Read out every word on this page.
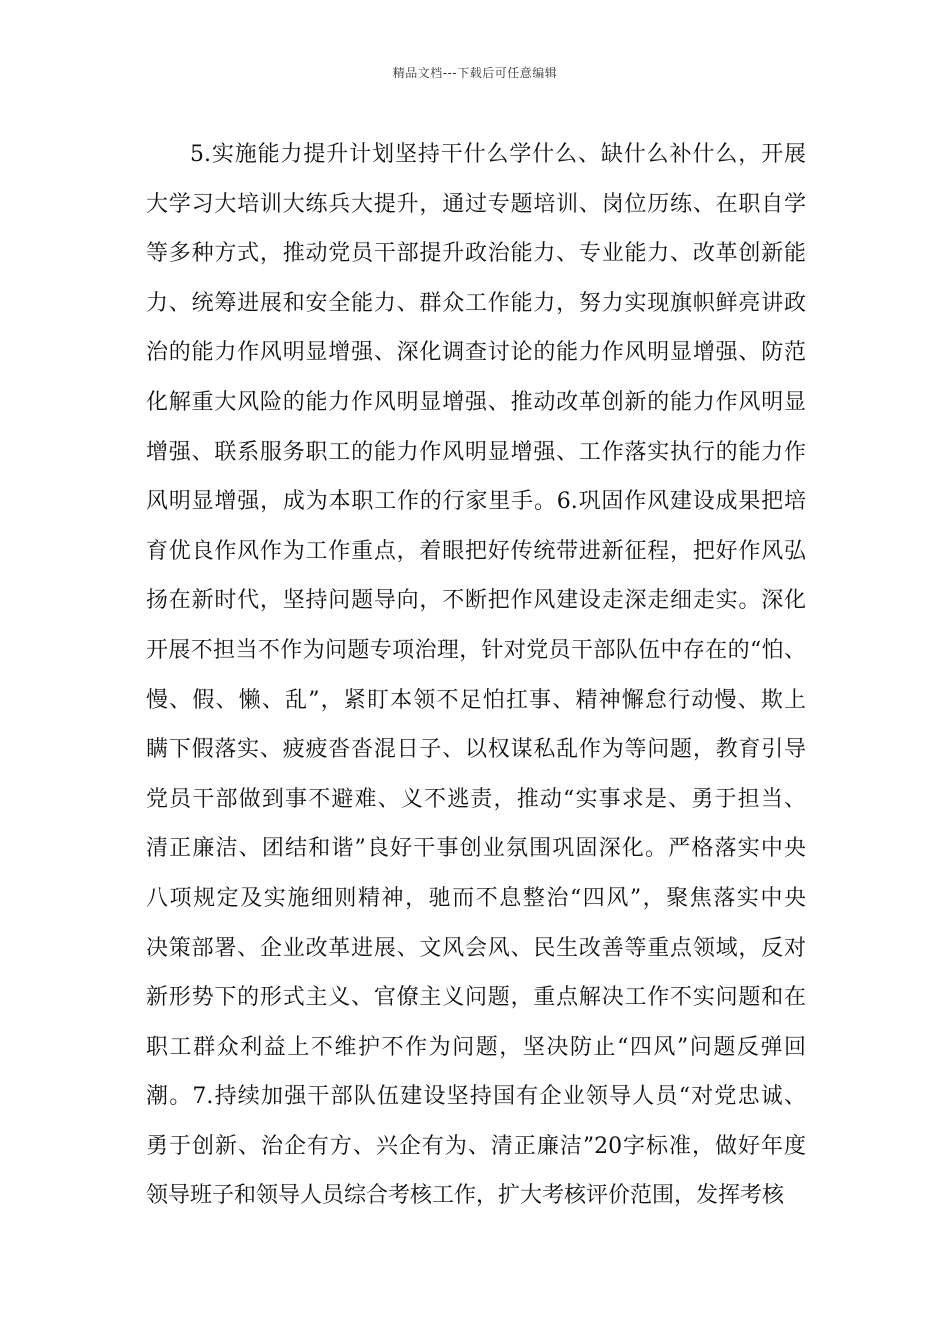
精品文档---下载后可任意编辑
5.实施能力提升计划坚持干什么学什么、缺什么补什么，开展
大学习大培训大练兵大提升，通过专题培训、岗位历练、在职自学
等多种方式，推动党员干部提升政治能力、专业能力、改革创新能
力、统筹进展和安全能力、群众工作能力，努力实现旗帜鲜亮讲政
治的能力作风明显增强、深化调查讨论的能力作风明显增强、防范
化解重大风险的能力作风明显增强、推动改革创新的能力作风明显
增强、联系服务职工的能力作风明显增强、工作落实执行的能力作
风明显增强，成为本职工作的行家里手。6.巩固作风建设成果把培
育优良作风作为工作重点，着眼把好传统带进新征程，把好作风弘
扬在新时代，坚持问题导向，不断把作风建设走深走细走实。深化
开展不担当不作为问题专项治理，针对党员干部队伍中存在的“怕、
慢、假、懒、乱”，紧盯本领不足怕扛事、精神懈怠行动慢、欺上
瞒下假落实、疲疲沓沓混日子、以权谋私乱作为等问题，教育引导
党员干部做到事不避难、义不逃责，推动“实事求是、勇于担当、
清正廉洁、团结和谐”良好干事创业氛围巩固深化。严格落实中央
八项规定及实施细则精神，驰而不息整治“四风”，聚焦落实中央
决策部署、企业改革进展、文风会风、民生改善等重点领域，反对
新形势下的形式主义、官僚主义问题，重点解决工作不实问题和在
职工群众利益上不维护不作为问题，坚决防止“四风”问题反弹回
潮。7.持续加强干部队伍建设坚持国有企业领导人员“对党忠诚、
勇于创新、治企有方、兴企有为、清正廉洁”20字标准，做好年度
领导班子和领导人员综合考核工作，扩大考核评价范围，发挥考核
